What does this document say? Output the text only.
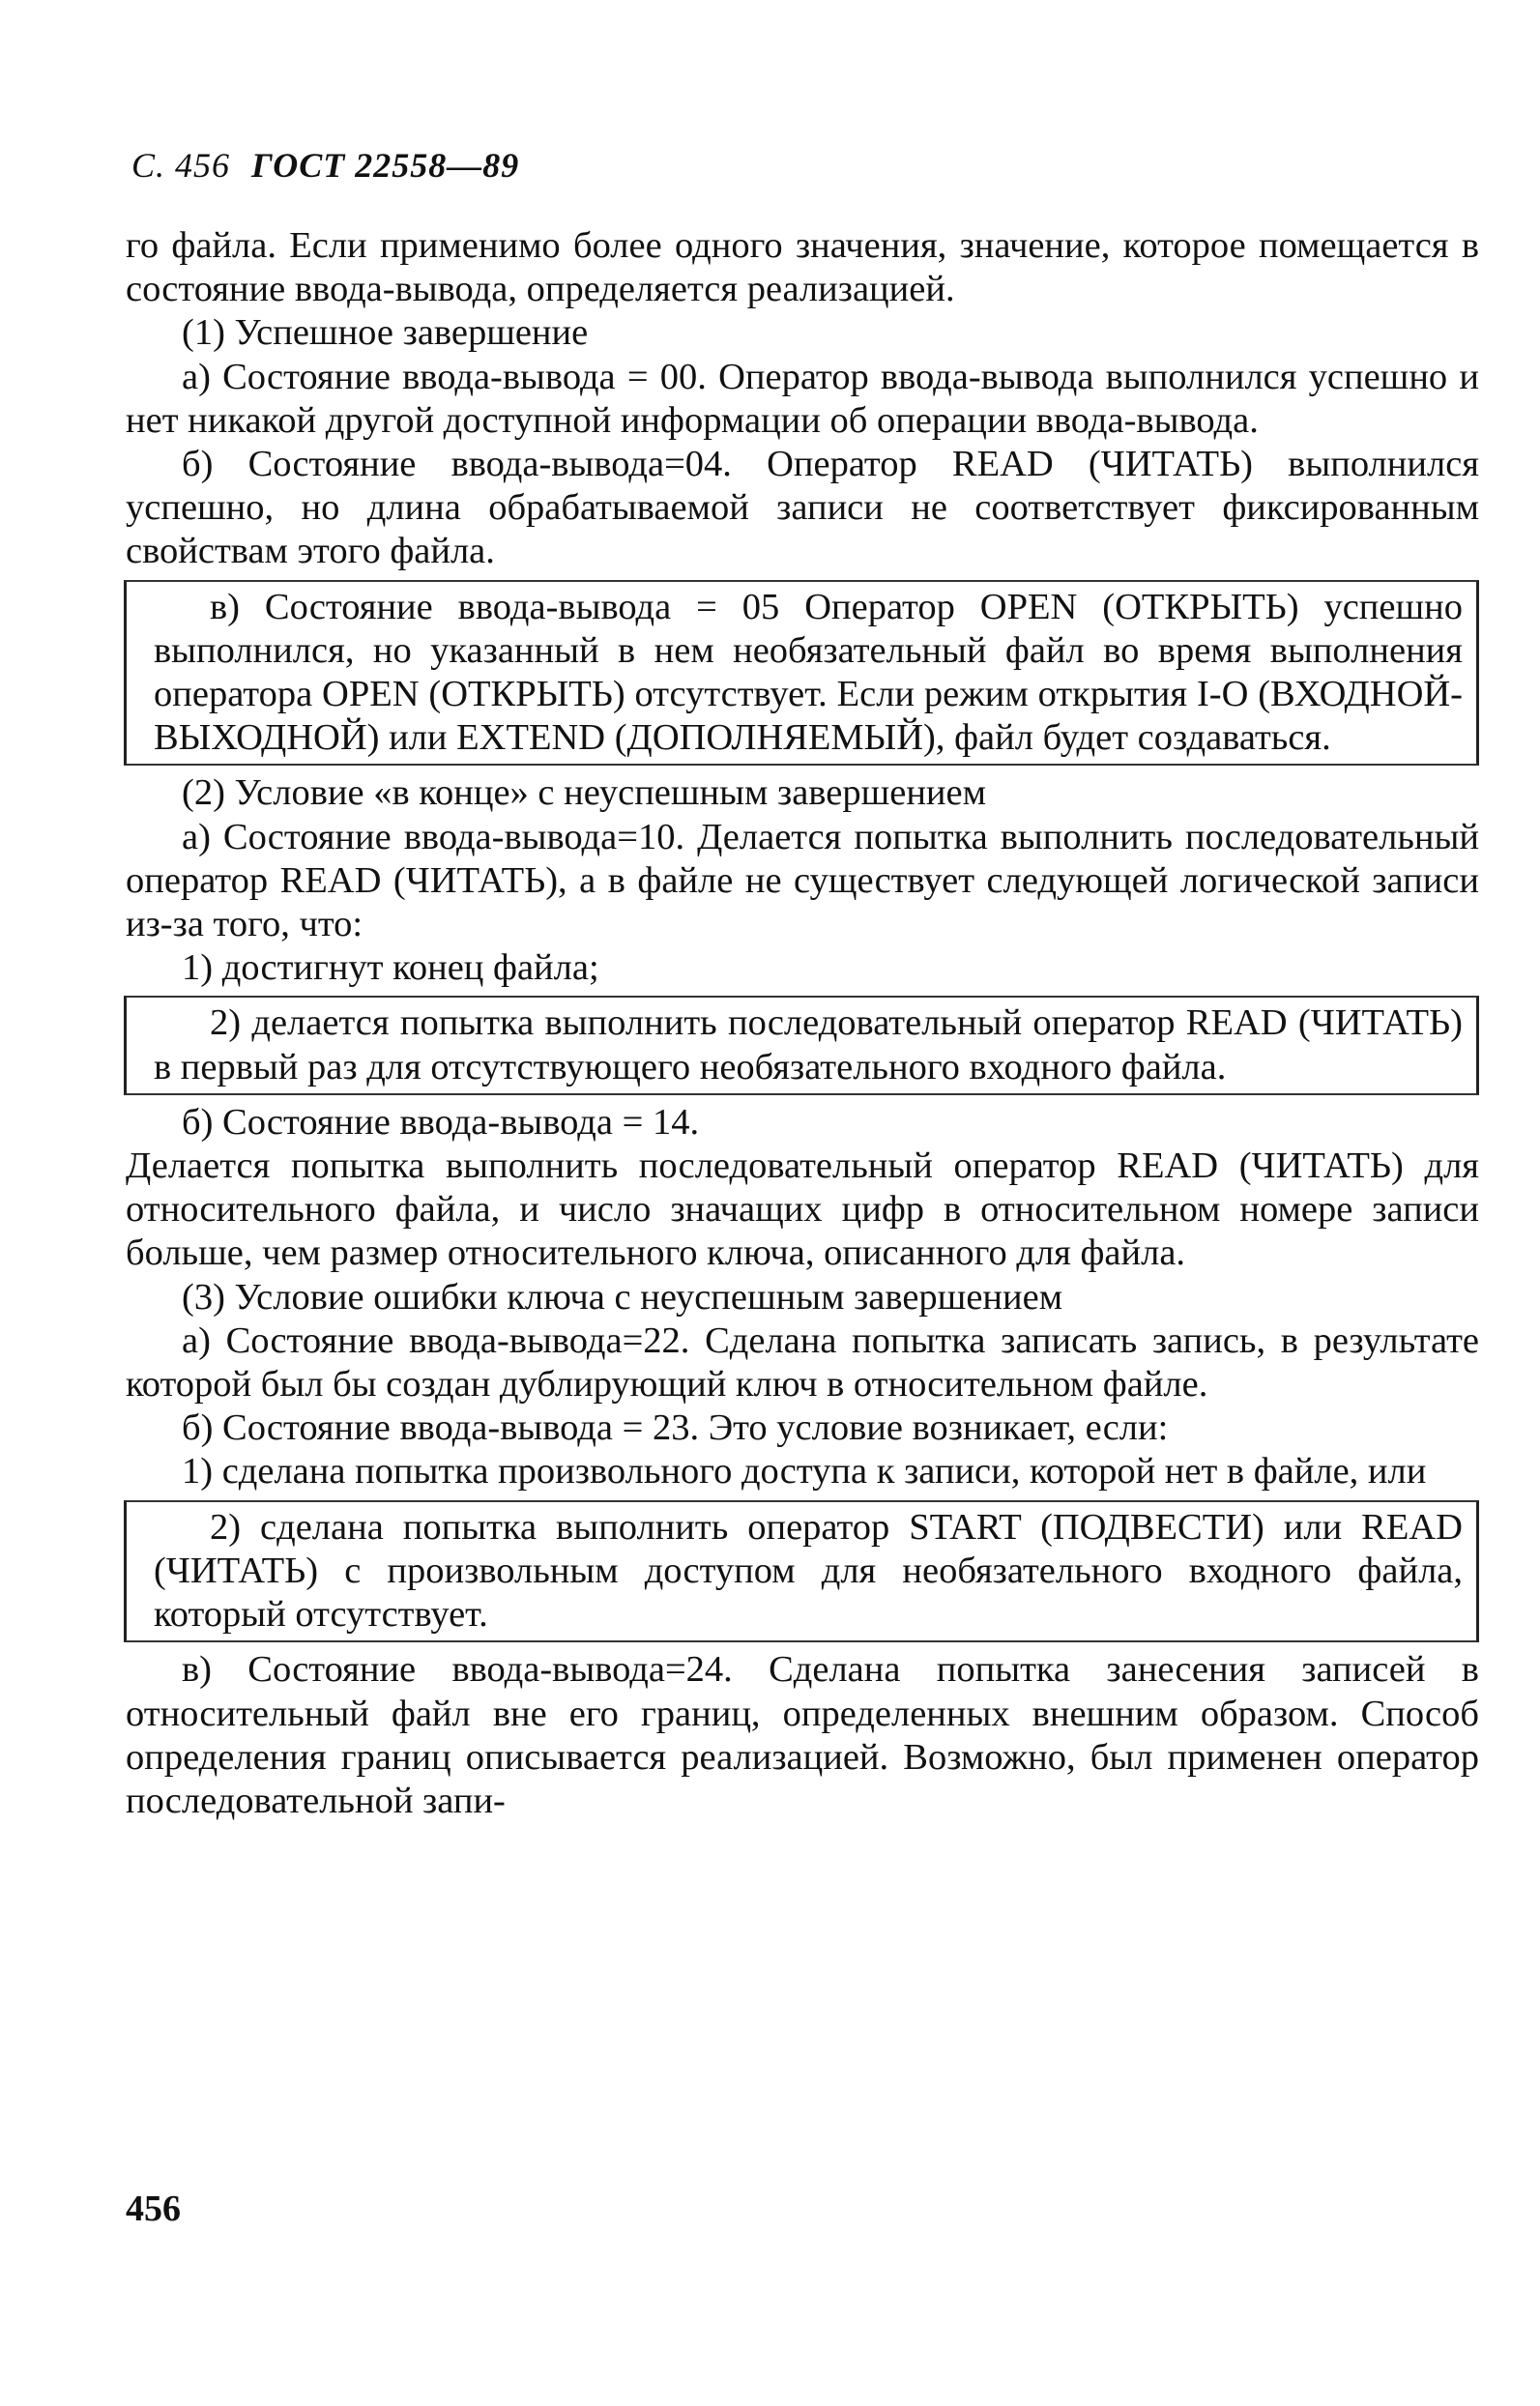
С. 456 ГОСТ 22558—89

го файла. Если применимо более одного значения, значение, которое помещается в состояние ввода-вывода, определяется реализацией.

(1) Успешное завершение

а) Состояние ввода-вывода = 00. Оператор ввода-вывода выполнился успешно и нет никакой другой доступной информации об операции ввода-вывода.

б) Состояние ввода-вывода=04. Оператор READ (ЧИТАТЬ) выполнился успешно, но длина обрабатываемой записи не соответствует фиксированным свойствам этого файла.

в) Состояние ввода-вывода = 05 Оператор OPEN (ОТКРЫТЬ) успешно выполнился, но указанный в нем необязательный файл во время выполнения оператора OPEN (ОТКРЫТЬ) отсутствует. Если режим открытия I-O (ВХОДНОЙ-ВЫХОДНОЙ) или EXTEND (ДОПОЛНЯЕМЫЙ), файл будет создаваться.

(2) Условие «в конце» с неуспешным завершением

а) Состояние ввода-вывода=10. Делается попытка выполнить последовательный оператор READ (ЧИТАТЬ), а в файле не существует следующей логической записи из-за того, что:

1) достигнут конец файла;

2) делается попытка выполнить последовательный оператор READ (ЧИТАТЬ) в первый раз для отсутствующего необязательного входного файла.

б) Состояние ввода-вывода = 14.

Делается попытка выполнить последовательный оператор READ (ЧИТАТЬ) для относительного файла, и число значащих цифр в относительном номере записи больше, чем размер относительного ключа, описанного для файла.

(3) Условие ошибки ключа с неуспешным завершением

а) Состояние ввода-вывода=22. Сделана попытка записать запись, в результате которой был бы создан дублирующий ключ в относительном файле.

б) Состояние ввода-вывода = 23. Это условие возникает, если:

1) сделана попытка произвольного доступа к записи, которой нет в файле, или

2) сделана попытка выполнить оператор START (ПОДВЕСТИ) или READ (ЧИТАТЬ) с произвольным доступом для необязательного входного файла, который отсутствует.

в) Состояние ввода-вывода=24. Сделана попытка занесения записей в относительный файл вне его границ, определенных внешним образом. Способ определения границ описывается реализацией. Возможно, был применен оператор последовательной запи-

456
